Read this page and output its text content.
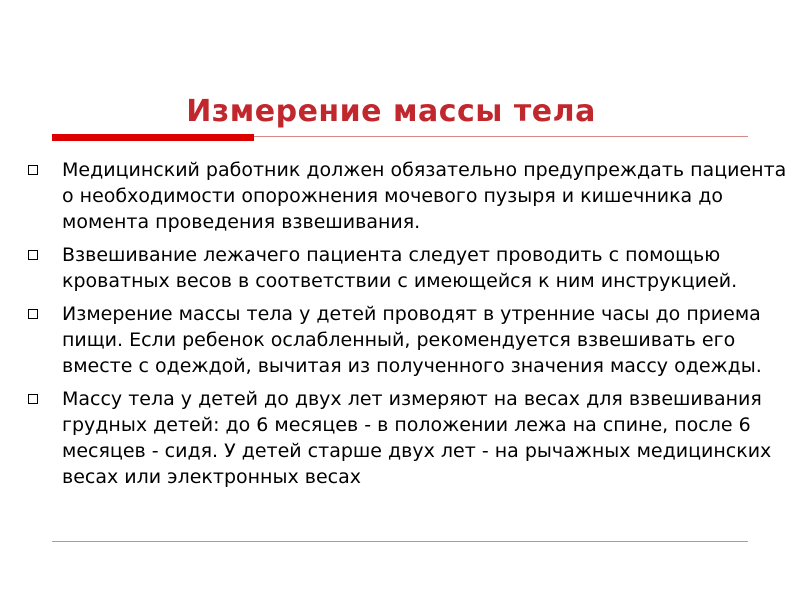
Измерение массы тела
Медицинский работник должен обязательно предупреждать пациента о необходимости опорожнения мочевого пузыря и кишечника до момента проведения взвешивания.
Взвешивание лежачего пациента следует проводить с помощью кроватных весов в соответствии с имеющейся к ним инструкцией.
Измерение массы тела у детей проводят в утренние часы до приема пищи. Если ребенок ослабленный, рекомендуется взвешивать его вместе с одеждой, вычитая из полученного значения массу одежды.
Массу тела у детей до двух лет измеряют на весах для взвешивания грудных детей: до 6 месяцев - в положении лежа на спине, после 6 месяцев - сидя. У детей старше двух лет - на рычажных медицинских весах или электронных весах
